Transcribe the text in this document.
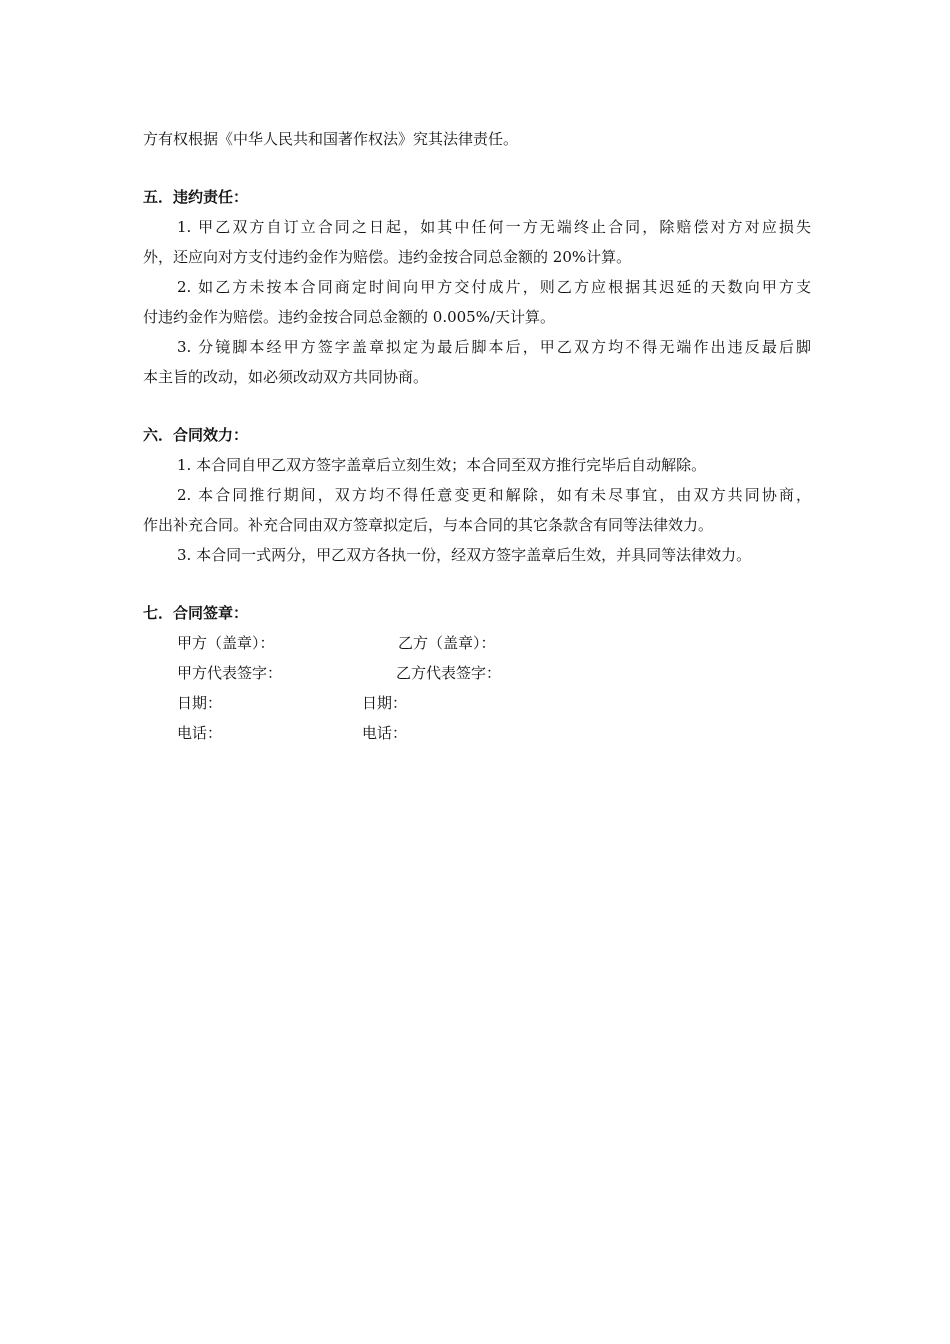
方有权根据《中华人民共和国著作权法》究其法律责任。
五．违约责任：
1. 甲乙双方自订立合同之日起，如其中任何一方无端终止合同，除赔偿对方对应损失
外，还应向对方支付违约金作为赔偿。违约金按合同总金额的 20%计算。
2. 如乙方未按本合同商定时间向甲方交付成片，则乙方应根据其迟延的天数向甲方支
付违约金作为赔偿。违约金按合同总金额的 0.005%/天计算。
3. 分镜脚本经甲方签字盖章拟定为最后脚本后，甲乙双方均不得无端作出违反最后脚
本主旨的改动，如必须改动双方共同协商。
六．合同效力：
1. 本合同自甲乙双方签字盖章后立刻生效；本合同至双方推行完毕后自动解除。
2. 本合同推行期间，双方均不得任意变更和解除，如有未尽事宜，由双方共同协商，
作出补充合同。补充合同由双方签章拟定后，与本合同的其它条款含有同等法律效力。
3. 本合同一式两分，甲乙双方各执一份，经双方签字盖章后生效，并具同等法律效力。
七．合同签章：
甲方（盖章）：	乙方（盖章）：
甲方代表签字：	乙方代表签字：
日期：	日期：
电话：	电话：
